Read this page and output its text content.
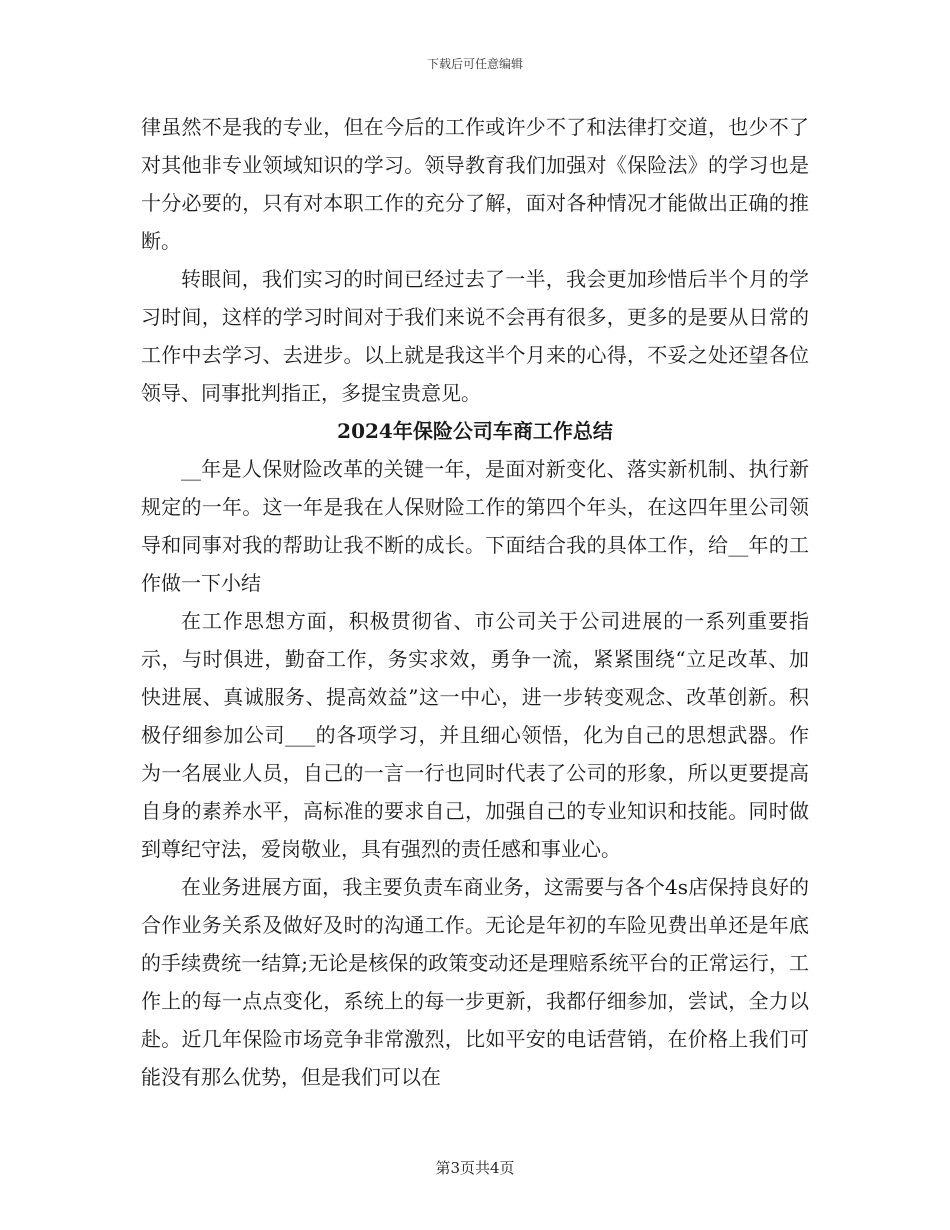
下载后可任意编辑

律虽然不是我的专业，但在今后的工作或许少不了和法律打交道，也少不了对其他非专业领域知识的学习。领导教育我们加强对《保险法》的学习也是十分必要的，只有对本职工作的充分了解，面对各种情况才能做出正确的推断。

转眼间，我们实习的时间已经过去了一半，我会更加珍惜后半个月的学习时间，这样的学习时间对于我们来说不会再有很多，更多的是要从日常的工作中去学习、去进步。以上就是我这半个月来的心得，不妥之处还望各位领导、同事批判指正，多提宝贵意见。

2024年保险公司车商工作总结

__年是人保财险改革的关键一年，是面对新变化、落实新机制、执行新规定的一年。这一年是我在人保财险工作的第四个年头，在这四年里公司领导和同事对我的帮助让我不断的成长。下面结合我的具体工作，给__年的工作做一下小结

在工作思想方面，积极贯彻省、市公司关于公司进展的一系列重要指示，与时俱进，勤奋工作，务实求效，勇争一流，紧紧围绕“立足改革、加快进展、真诚服务、提高效益”这一中心，进一步转变观念、改革创新。积极仔细参加公司___的各项学习，并且细心领悟，化为自己的思想武器。作为一名展业人员，自己的一言一行也同时代表了公司的形象，所以更要提高自身的素养水平，高标准的要求自己，加强自己的专业知识和技能。同时做到尊纪守法，爱岗敬业，具有强烈的责任感和事业心。

在业务进展方面，我主要负责车商业务，这需要与各个4s店保持良好的合作业务关系及做好及时的沟通工作。无论是年初的车险见费出单还是年底的手续费统一结算;无论是核保的政策变动还是理赔系统平台的正常运行，工作上的每一点点变化，系统上的每一步更新，我都仔细参加，尝试，全力以赴。近几年保险市场竞争非常激烈，比如平安的电话营销，在价格上我们可能没有那么优势，但是我们可以在

第3页共4页
